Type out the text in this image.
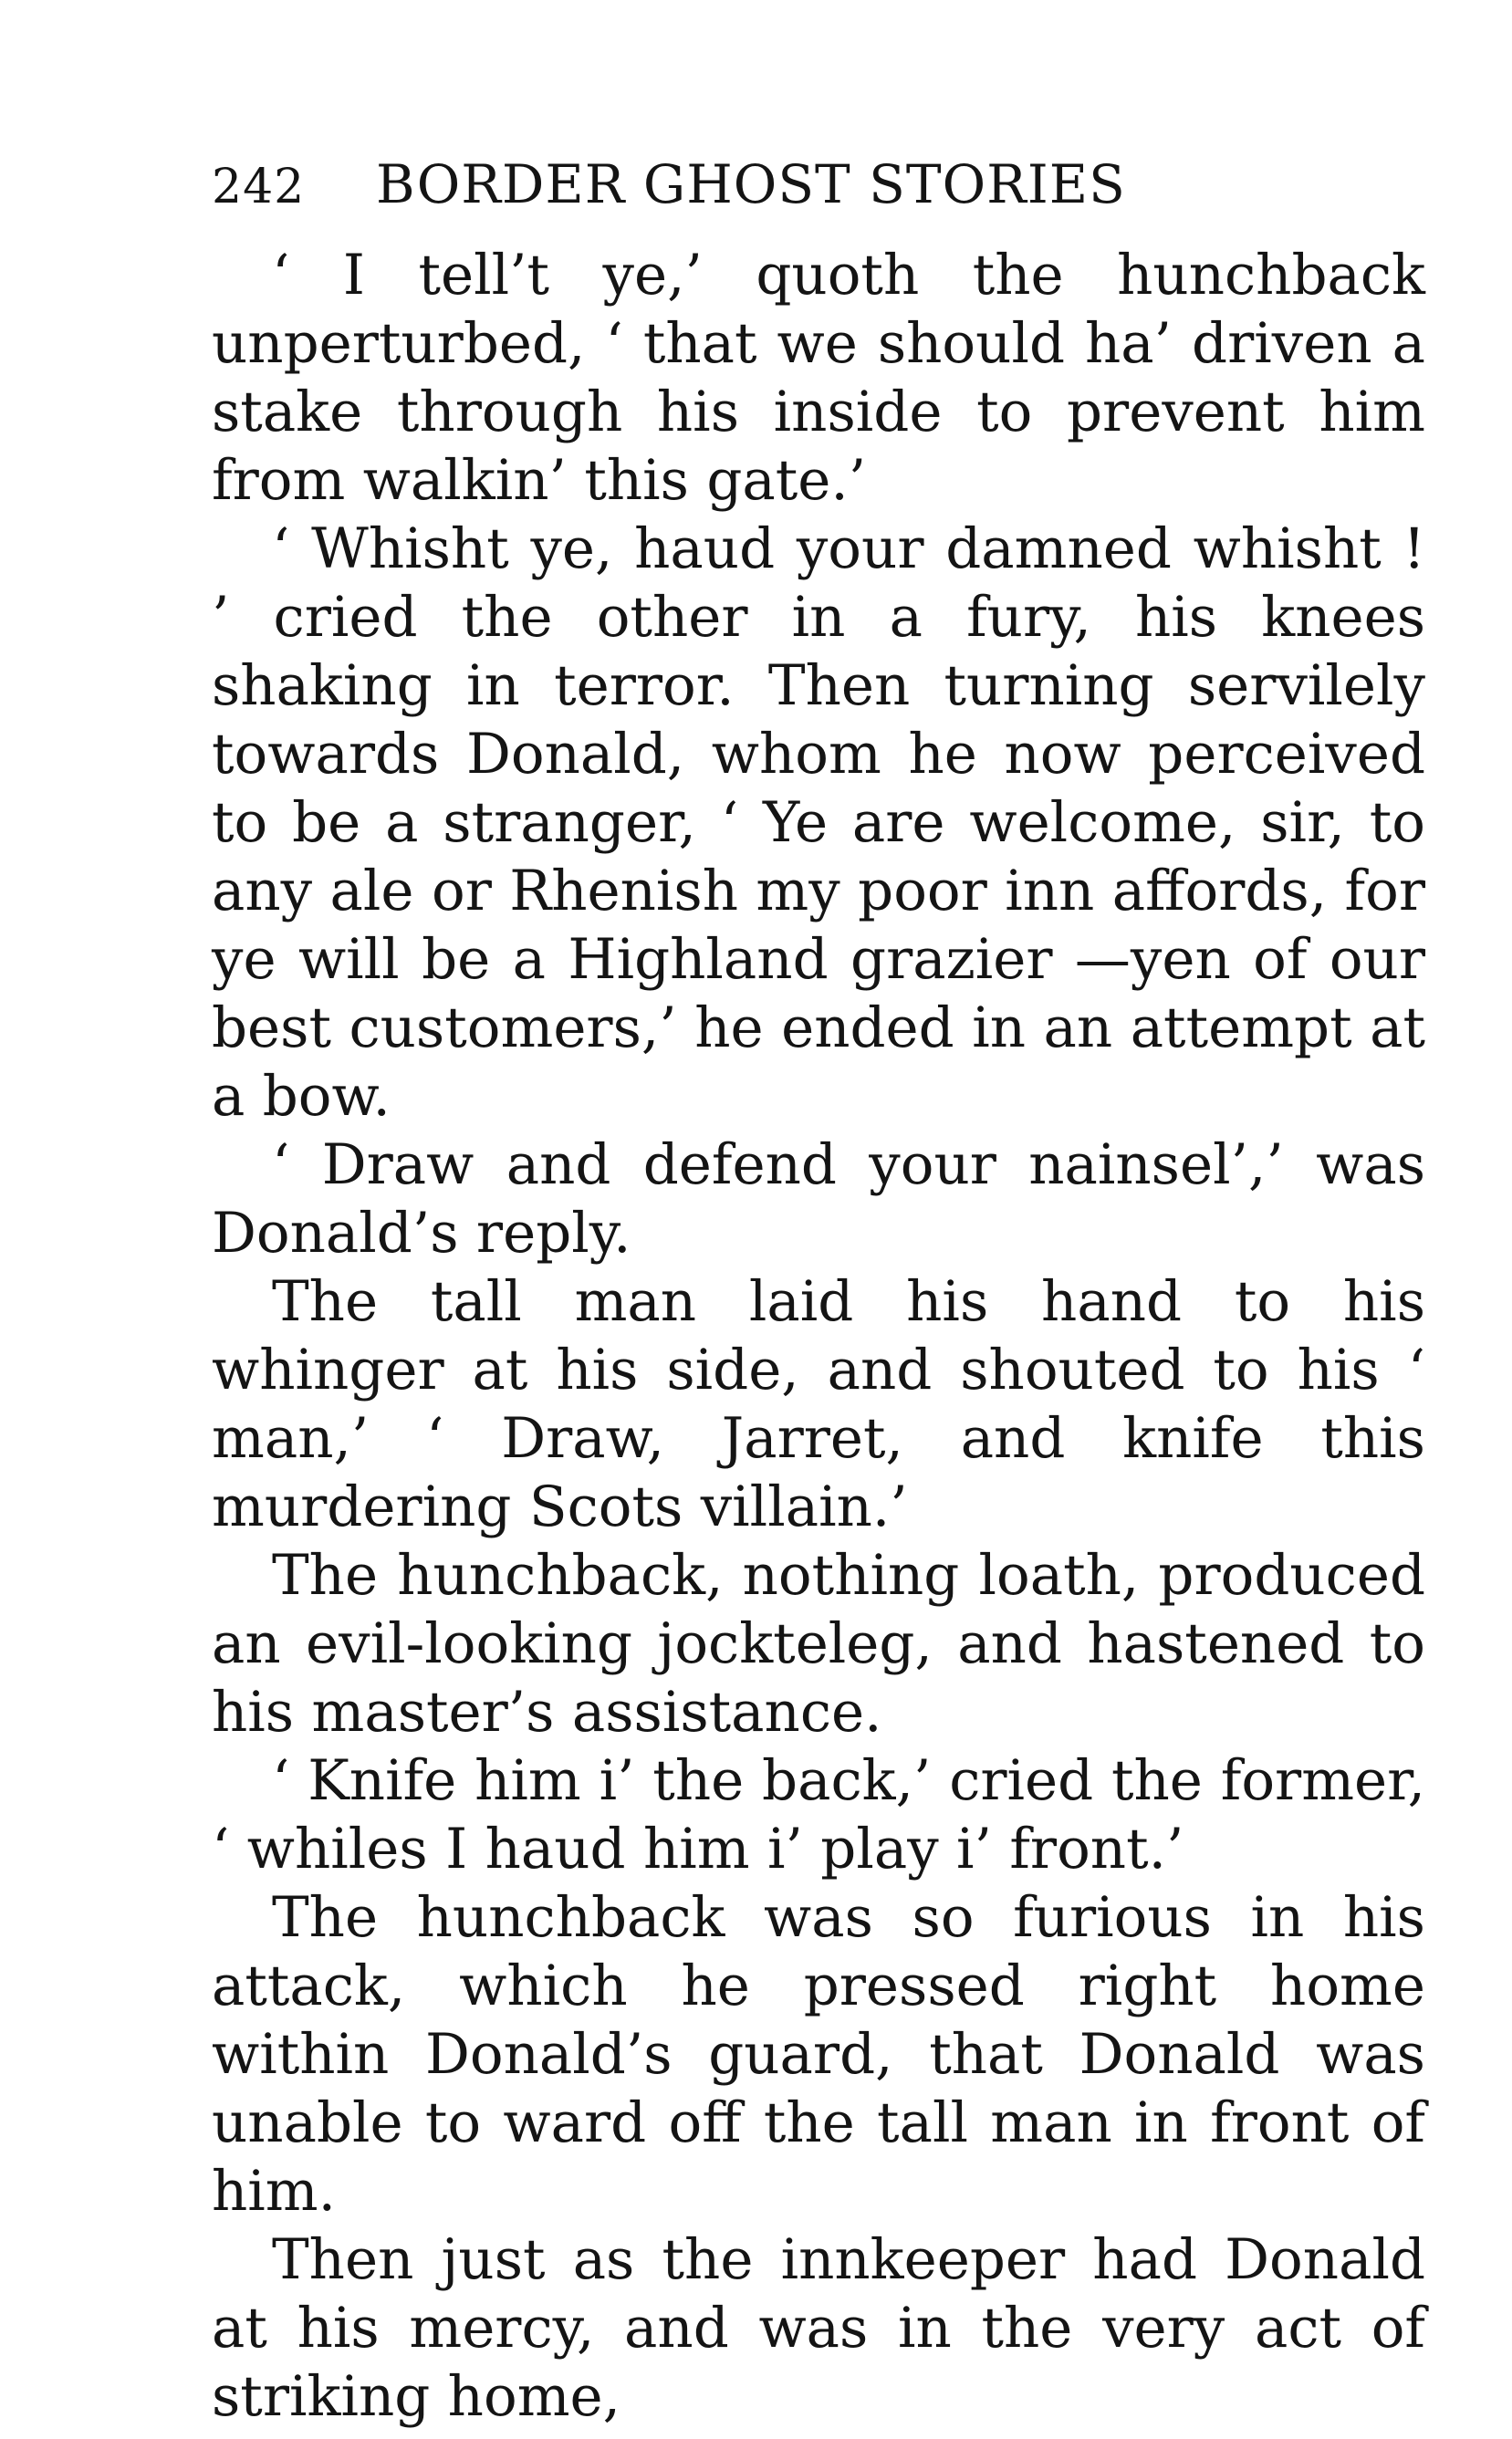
242	BORDER GHOST STORIES

‘ I tell’t ye,’ quoth the hunchback unperturbed, ‘ that we should ha’ driven a stake through his inside to prevent him from walkin’ this gate.’

‘ Whisht ye, haud your damned whisht ! ’ cried the other in a fury, his knees shaking in terror. Then turning servilely towards Donald, whom he now perceived to be a stranger, ‘ Ye are welcome, sir, to any ale or Rhenish my poor inn affords, for ye will be a Highland grazier —yen of our best customers,’ he ended in an attempt at a bow.

‘ Draw and defend your nainsel’,’ was Donald’s reply.

The tall man laid his hand to his whinger at his side, and shouted to his ‘ man,’ ‘ Draw, Jarret, and knife this murdering Scots villain.’

The hunchback, nothing loath, produced an evil-looking jockteleg, and hastened to his master’s assistance.

‘ Knife him i’ the back,’ cried the former, ‘ whiles I haud him i’ play i’ front.’

The hunchback was so furious in his attack, which he pressed right home within Donald’s guard, that Donald was unable to ward off the tall man in front of him.

Then just as the innkeeper had Donald at his mercy, and was in the very act of striking home,
